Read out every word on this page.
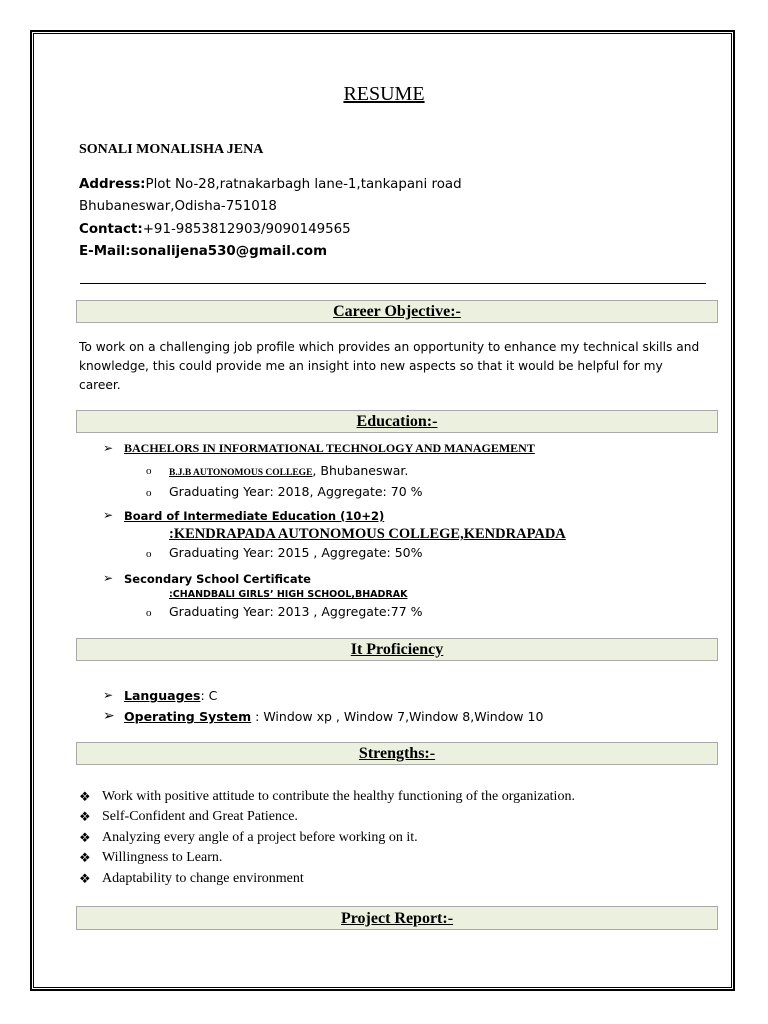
RESUME
SONALI MONALISHA JENA
Address:Plot No-28,ratnakarbagh lane-1,tankapani road
Bhubaneswar,Odisha-751018
Contact:+91-9853812903/9090149565
E-Mail:sonalijena530@gmail.com
Career Objective:-
To work on a challenging job profile which provides an opportunity to enhance my technical skills and knowledge, this could provide me an insight into new aspects so that it would be helpful for my career.
Education:-
➢ BACHELORS IN INFORMATIONAL TECHNOLOGY AND MANAGEMENT
o B.J.B AUTONOMOUS COLLEGE, Bhubaneswar.
o Graduating Year: 2018, Aggregate: 70 %
➢ Board of Intermediate Education (10+2)
:KENDRAPADA AUTONOMOUS COLLEGE,KENDRAPADA
o Graduating Year: 2015 , Aggregate: 50%
➢ Secondary School Certificate
:CHANDBALI GIRLS’ HIGH SCHOOL,BHADRAK
o Graduating Year: 2013 , Aggregate:77 %
It Proficiency
➢ Languages: C
➢ Operating System : Window xp , Window 7,Window 8,Window 10
Strengths:-
❖ Work with positive attitude to contribute the healthy functioning of the organization.
❖ Self-Confident and Great Patience.
❖ Analyzing every angle of a project before working on it.
❖ Willingness to Learn.
❖ Adaptability to change environment
Project Report:-
